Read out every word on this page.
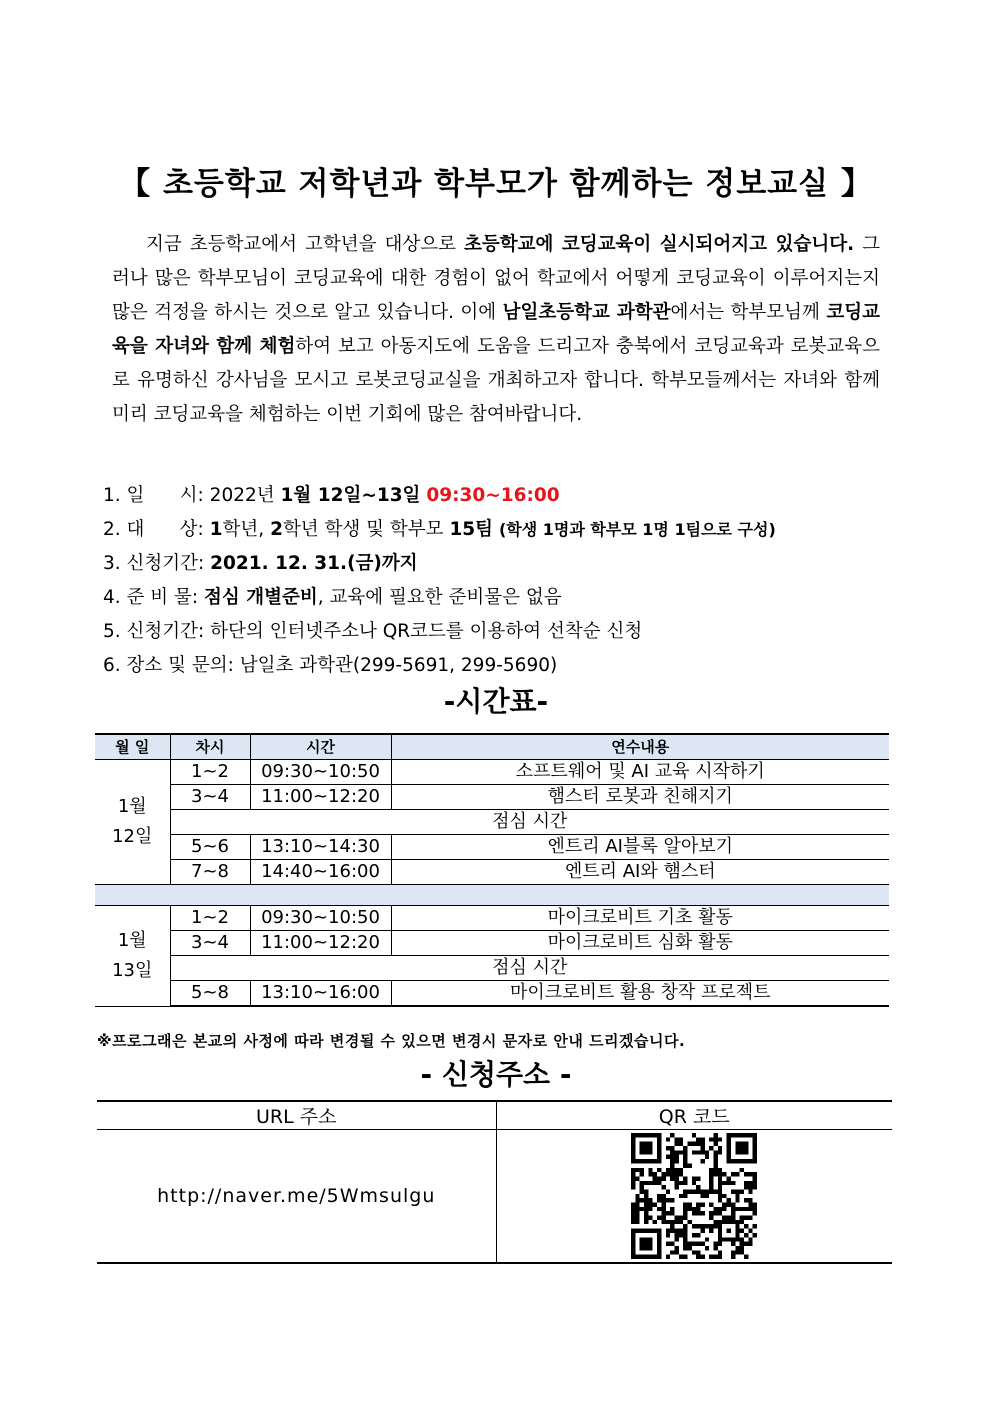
【 초등학교 저학년과 학부모가 함께하는 정보교실 】

지금 초등학교에서 고학년을 대상으로 초등학교에 코딩교육이 실시되어지고 있습니다. 그러나 많은 학부모님이 코딩교육에 대한 경험이 없어 학교에서 어떻게 코딩교육이 이루어지는지 많은 걱정을 하시는 것으로 알고 있습니다. 이에 남일초등학교 과학관에서는 학부모님께 코딩교육을 자녀와 함께 체험하여 보고 아동지도에 도움을 드리고자 충북에서 코딩교육과 로봇교육으로 유명하신 강사님을 모시고 로봇코딩교실을 개최하고자 합니다. 학부모들께서는 자녀와 함께 미리 코딩교육을 체험하는 이번 기회에 많은 참여바랍니다.

1. 일      시: 2022년 1월 12일~13일 09:30~16:00
2. 대      상: 1학년, 2학년 학생 및 학부모 15팀 (학생 1명과 학부모 1명 1팀으로 구성)
3. 신청기간: 2021. 12. 31.(금)까지
4. 준 비 물: 점심 개별준비, 교육에 필요한 준비물은 없음
5. 신청기간: 하단의 인터넷주소나 QR코드를 이용하여 선착순 신청
6. 장소 및 문의: 남일초 과학관(299-5691, 299-5690)
-시간표-
월 일	차시	시간	연수내용

1월
12일	1~2	09:30~10:50	소프트웨어 및 AI 교육 시작하기
	3~4	11:00~12:20	햄스터 로봇과 친해지기
	점심 시간		
	5~6	13:10~14:30	엔트리 AI블록 알아보기
	7~8	14:40~16:00	엔트리 AI와 햄스터

1월
13일	1~2	09:30~10:50	마이크로비트 기초 활동
	3~4	11:00~12:20	마이크로비트 심화 활동
	점심 시간		
	5~8	13:10~16:00	마이크로비트 활용 창작 프로젝트
※프로그래은 본교의 사정에 따라 변경될 수 있으면 변경시 문자로 안내 드리겠습니다.
- 신청주소 -
URL 주소	QR 코드
http://naver.me/5Wmsulgu	
